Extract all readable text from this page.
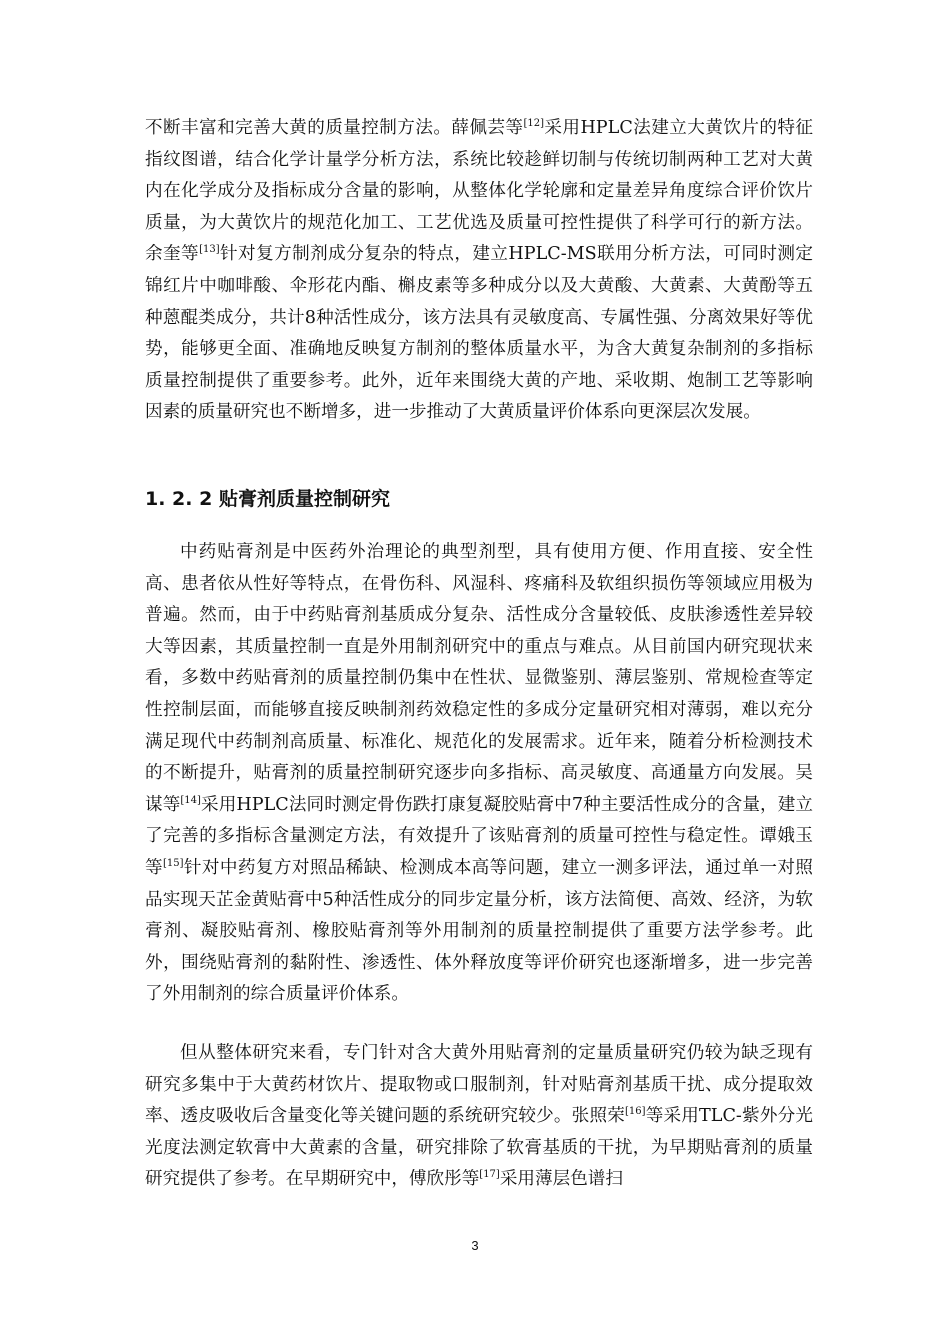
不断丰富和完善大黄的质量控制方法。薛佩芸等[12]采用HPLC法建立大黄饮片的特征指纹图谱，结合化学计量学分析方法，系统比较趁鲜切制与传统切制两种工艺对大黄内在化学成分及指标成分含量的影响，从整体化学轮廓和定量差异角度综合评价饮片质量，为大黄饮片的规范化加工、工艺优选及质量可控性提供了科学可行的新方法。余奎等[13]针对复方制剂成分复杂的特点，建立HPLC-MS联用分析方法，可同时测定锦红片中咖啡酸、伞形花内酯、槲皮素等多种成分以及大黄酸、大黄素、大黄酚等五种蒽醌类成分，共计8种活性成分，该方法具有灵敏度高、专属性强、分离效果好等优势，能够更全面、准确地反映复方制剂的整体质量水平，为含大黄复杂制剂的多指标质量控制提供了重要参考。此外，近年来围绕大黄的产地、采收期、炮制工艺等影响因素的质量研究也不断增多，进一步推动了大黄质量评价体系向更深层次发展。

1. 2. 2 贴膏剂质量控制研究

中药贴膏剂是中医药外治理论的典型剂型，具有使用方便、作用直接、安全性高、患者依从性好等特点，在骨伤科、风湿科、疼痛科及软组织损伤等领域应用极为普遍。然而，由于中药贴膏剂基质成分复杂、活性成分含量较低、皮肤渗透性差异较大等因素，其质量控制一直是外用制剂研究中的重点与难点。从目前国内研究现状来看，多数中药贴膏剂的质量控制仍集中在性状、显微鉴别、薄层鉴别、常规检查等定性控制层面，而能够直接反映制剂药效稳定性的多成分定量研究相对薄弱，难以充分满足现代中药制剂高质量、标准化、规范化的发展需求。近年来，随着分析检测技术的不断提升，贴膏剂的质量控制研究逐步向多指标、高灵敏度、高通量方向发展。吴谋等[14]采用HPLC法同时测定骨伤跌打康复凝胶贴膏中7种主要活性成分的含量，建立了完善的多指标含量测定方法，有效提升了该贴膏剂的质量可控性与稳定性。谭娥玉等[15]针对中药复方对照品稀缺、检测成本高等问题，建立一测多评法，通过单一对照品实现天芷金黄贴膏中5种活性成分的同步定量分析，该方法简便、高效、经济，为软膏剂、凝胶贴膏剂、橡胶贴膏剂等外用制剂的质量控制提供了重要方法学参考。此外，围绕贴膏剂的黏附性、渗透性、体外释放度等评价研究也逐渐增多，进一步完善了外用制剂的综合质量评价体系。

但从整体研究来看，专门针对含大黄外用贴膏剂的定量质量研究仍较为缺乏现有研究多集中于大黄药材饮片、提取物或口服制剂，针对贴膏剂基质干扰、成分提取效率、透皮吸收后含量变化等关键问题的系统研究较少。张照荣[16]等采用TLC-紫外分光光度法测定软膏中大黄素的含量，研究排除了软膏基质的干扰，为早期贴膏剂的质量研究提供了参考。在早期研究中，傅欣彤等[17]采用薄层色谱扫

3
